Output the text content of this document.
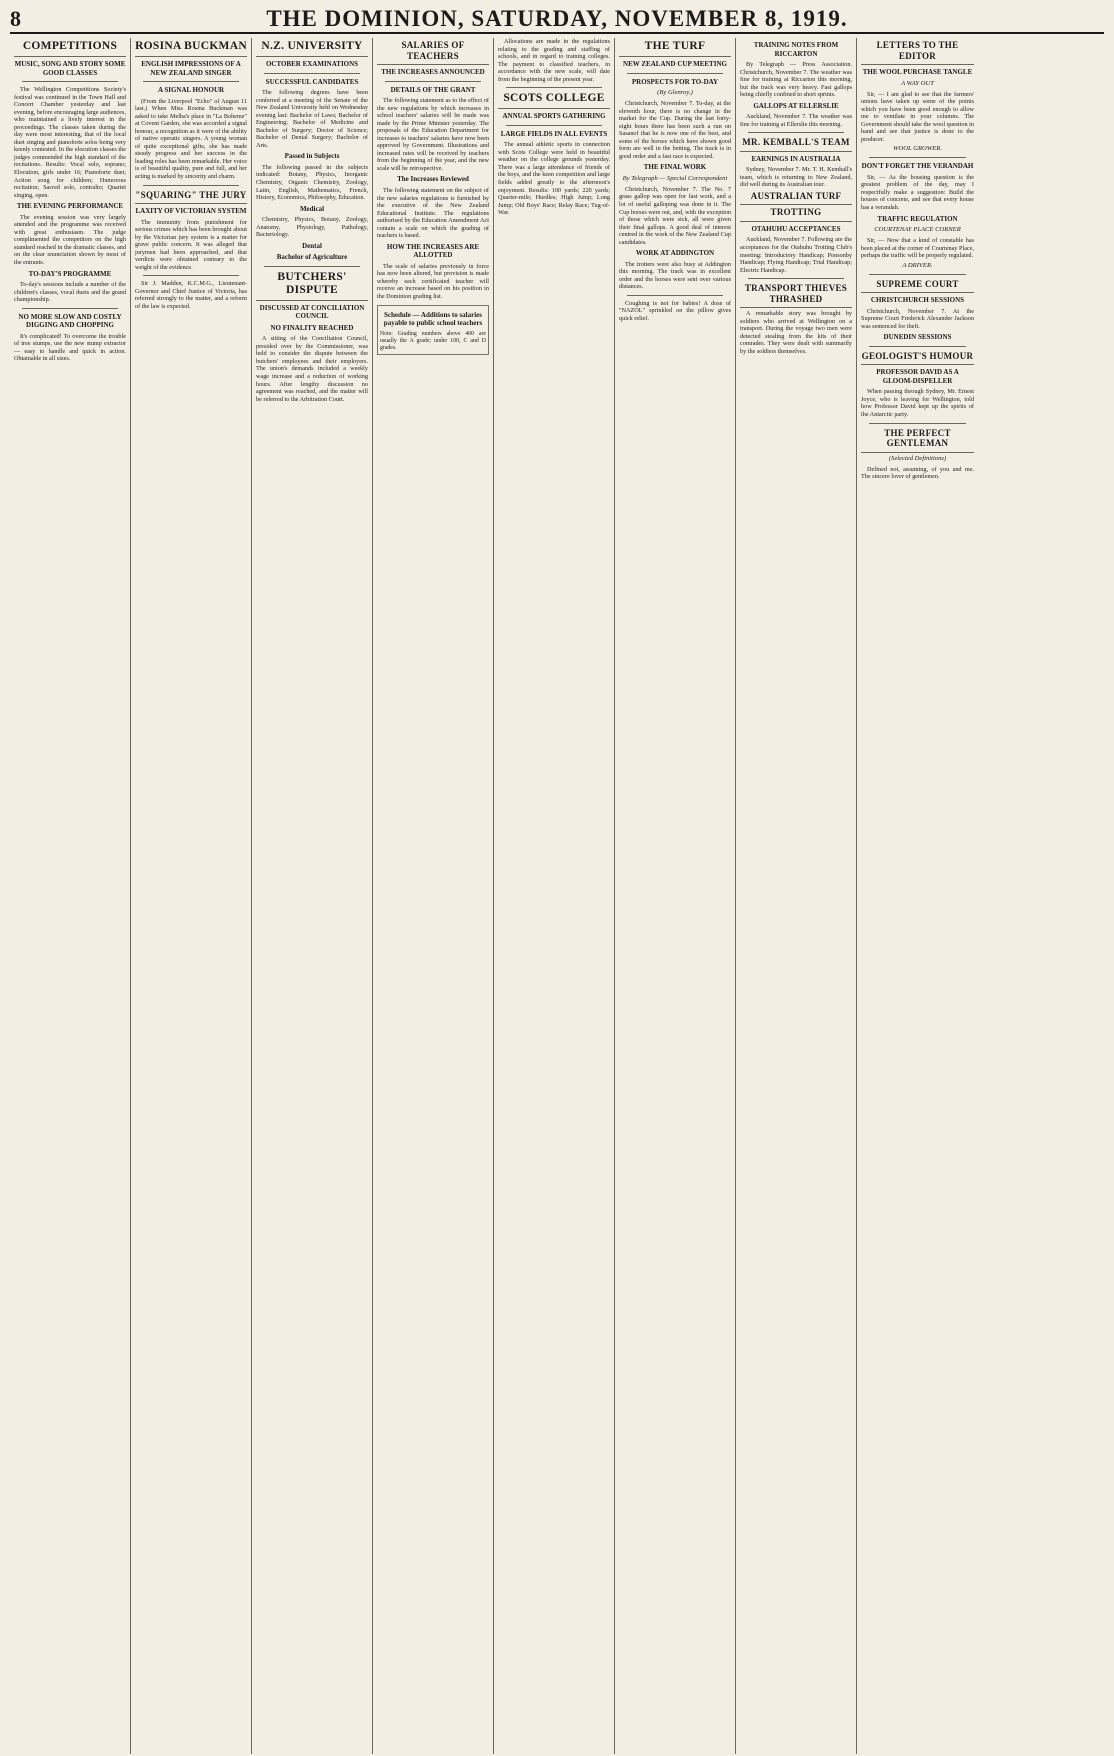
8	THE DOMINION, SATURDAY, NOVEMBER 8, 1919.
COMPETITIONS
MUSIC, SONG AND STORY SOME GOOD CLASSES

The Wellington Competitions Society's festival was continued in the Town Hall and Concert Chamber yesterday and last evening, before encouraging large audiences, who maintained a lively interest in the proceedings. The classes taken during the day were most interesting, that of the local duet singing and pianoforte solos being very keenly contested. In the elocution classes the judges commended the high standard of the recitations. Results: Vocal solo, soprano; Elocution, girls under 16; Pianoforte duet; Action song for children; Humorous recitation; Sacred solo, contralto; Quartet singing, open.

THE EVENING PERFORMANCE

The evening session was very largely attended and the programme was received with great enthusiasm. The judge complimented the competitors on the high standard reached in the dramatic classes, and on the clear enunciation shown by most of the entrants.

TO-DAY'S PROGRAMME

To-day's sessions include a number of the children's classes, vocal duets and the grand championship.

NO MORE SLOW AND COSTLY DIGGING AND CHOPPING

It's complicated! To overcome the trouble of tree stumps, use the new stump extractor — easy to handle and quick in action. Obtainable in all sizes.

ROSINA BUCKMAN
ENGLISH IMPRESSIONS OF A NEW ZEALAND SINGER
A SIGNAL HONOUR

(From the Liverpool "Echo" of August 11 last.) When Miss Rosina Buckman was asked to take Melba's place in "La Boheme" at Covent Garden, she was accorded a signal honour, a recognition as it were of the ability of native operatic singers. A young woman of quite exceptional gifts, she has made steady progress and her success in the leading roles has been remarkable. Her voice is of beautiful quality, pure and full, and her acting is marked by sincerity and charm.

"SQUARING" THE JURY
LAXITY OF VICTORIAN SYSTEM

The immunity from punishment for serious crimes which has been brought about by the Victorian jury system is a matter for grave public concern. It was alleged that jurymen had been approached, and that verdicts were obtained contrary to the weight of the evidence.

Sir J. Madden, K.C.M.G., Lieutenant-Governor and Chief Justice of Victoria, has referred strongly to the matter, and a reform of the law is expected.

N.Z. UNIVERSITY
OCTOBER EXAMINATIONS
SUCCESSFUL CANDIDATES

The following degrees have been conferred at a meeting of the Senate of the New Zealand University held on Wednesday evening last: Bachelor of Laws; Bachelor of Engineering; Bachelor of Medicine and Bachelor of Surgery; Doctor of Science; Bachelor of Dental Surgery; Bachelor of Arts.

Passed in Subjects

The following passed in the subjects indicated: Botany, Physics, Inorganic Chemistry, Organic Chemistry, Zoology, Latin, English, Mathematics, French, History, Economics, Philosophy, Education.

Medical

Chemistry, Physics, Botany, Zoology, Anatomy, Physiology, Pathology, Bacteriology.

Dental
Bachelor of Agriculture
BUTCHERS' DISPUTE
DISCUSSED AT CONCILIATION COUNCIL
NO FINALITY REACHED

A sitting of the Conciliation Council, presided over by the Commissioner, was held to consider the dispute between the butchers' employees and their employers. The union's demands included a weekly wage increase and a reduction of working hours. After lengthy discussion no agreement was reached, and the matter will be referred to the Arbitration Court.

SALARIES OF TEACHERS
THE INCREASES ANNOUNCED
DETAILS OF THE GRANT

The following statement as to the effect of the new regulations by which increases in school teachers' salaries will be made was made by the Prime Minister yesterday. The proposals of the Education Department for increases to teachers' salaries have now been approved by Government. Illustrations and increased rates will be received by teachers from the beginning of the year, and the new scale will be retrospective.

The Increases Reviewed

The following statement on the subject of the new salaries regulations is furnished by the executive of the New Zealand Educational Institute. The regulations authorised by the Education Amendment Act contain a scale on which the grading of teachers is based.

HOW THE INCREASES ARE ALLOTTED

The scale of salaries previously in force has now been altered, but provision is made whereby each certificated teacher will receive an increase based on his position in the Dominion grading list.

Schedule — Additions to salaries payable to public school teachers
Note: Grading numbers above 400 are usually the A grade; under 100, C and D grades.

Allocations are made in the regulations relating to the grading and staffing of schools, and in regard to training colleges. The payment to classified teachers, in accordance with the new scale, will date from the beginning of the present year.

SCOTS COLLEGE
ANNUAL SPORTS GATHERING
LARGE FIELDS IN ALL EVENTS

The annual athletic sports in connection with Scots College were held in beautiful weather on the college grounds yesterday. There was a large attendance of friends of the boys, and the keen competition and large fields added greatly to the afternoon's enjoyment. Results: 100 yards; 220 yards; Quarter-mile; Hurdles; High Jump; Long Jump; Old Boys' Race; Relay Race; Tug-of-War.

THE TURF
NEW ZEALAND CUP MEETING
PROSPECTS FOR TO-DAY
(By Glenroy.)

Christchurch, November 7. To-day, at the eleventh hour, there is no change in the market for the Cup. During the last forty-eight hours there has been such a run on Sasanof that he is now one of the best, and some of the horses which have shown good form are well in the betting. The track is in good order and a fast race is expected.

THE FINAL WORK
By Telegraph — Special Correspondent

Christchurch, November 7. The No. 7 grass gallop was open for fast work, and a lot of useful galloping was done in it. The Cup horses were out, and, with the exception of those which were sick, all were given their final gallops. A good deal of interest centred in the work of the New Zealand Cup candidates.

WORK AT ADDINGTON

The trotters were also busy at Addington this morning. The track was in excellent order and the horses were sent over various distances.

Coughing is not for babies! A dose of "NAZOL" sprinkled on the pillow gives quick relief.

TRAINING NOTES FROM RICCARTON

By Telegraph — Press Association. Christchurch, November 7. The weather was fine for training at Riccarton this morning, but the track was very heavy. Fast gallops being chiefly confined to short sprints.

GALLOPS AT ELLERSLIE

Auckland, November 7. The weather was fine for training at Ellerslie this morning.

MR. KEMBALL'S TEAM
EARNINGS IN AUSTRALIA

Sydney, November 7. Mr. T. H. Kemball's team, which is returning to New Zealand, did well during its Australian tour.

AUSTRALIAN TURF
TROTTING
OTAHUHU ACCEPTANCES

Auckland, November 7. Following are the acceptances for the Otahuhu Trotting Club's meeting: Introductory Handicap; Ponsonby Handicap; Flying Handicap; Trial Handicap; Electric Handicap.

TRANSPORT THIEVES THRASHED

A remarkable story was brought by soldiers who arrived at Wellington on a transport. During the voyage two men were detected stealing from the kits of their comrades. They were dealt with summarily by the soldiers themselves.

LETTERS TO THE EDITOR
THE WOOL PURCHASE TANGLE
A WAY OUT

Sir, — I am glad to see that the farmers' unions have taken up some of the points which you have been good enough to allow me to ventilate in your columns. The Government should take the wool question in hand and see that justice is done to the producer.

WOOL GROWER.
DON'T FORGET THE VERANDAH

Sir, — As the housing question is the greatest problem of the day, may I respectfully make a suggestion: Build the houses of concrete, and see that every house has a verandah.

TRAFFIC REGULATION
COURTENAY PLACE CORNER

Sir, — Now that a kind of constable has been placed at the corner of Courtenay Place, perhaps the traffic will be properly regulated.

A DRIVER.
SUPREME COURT
CHRISTCHURCH SESSIONS

Christchurch, November 7. At the Supreme Court Frederick Alexander Jackson was sentenced for theft.

DUNEDIN SESSIONS
GEOLOGIST'S HUMOUR
PROFESSOR DAVID AS A GLOOM-DISPELLER

When passing through Sydney, Mr. Ernest Joyce, who is leaving for Wellington, told how Professor David kept up the spirits of the Antarctic party.

THE PERFECT GENTLEMAN
(Selected Definitions)

Defined not, assuming, of you and me. The sincere lover of gentlemen.
